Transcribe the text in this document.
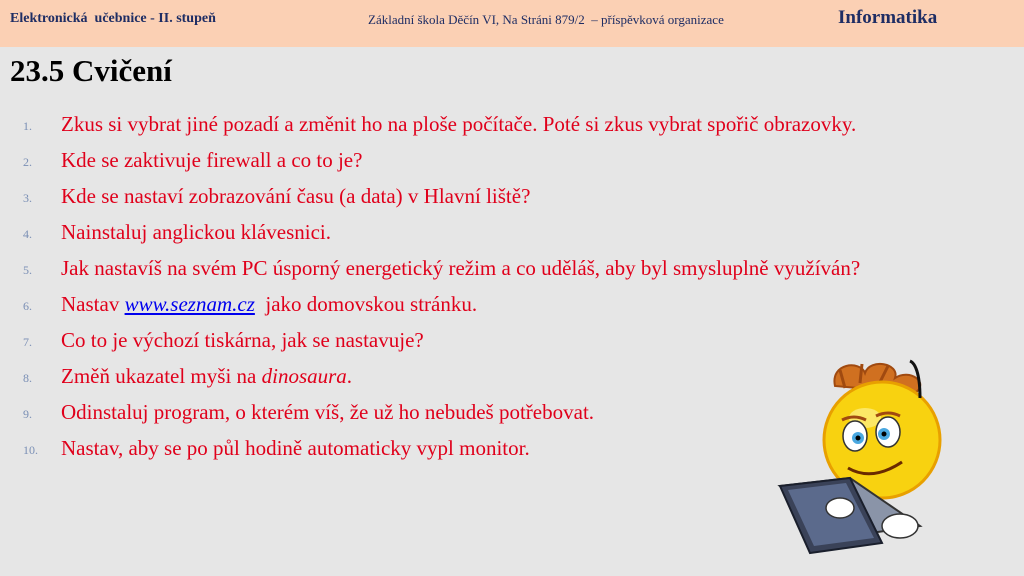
Elektronická  učebnice - II. stupeň	Základní škola Děčín VI, Na Stráni 879/2  – příspěvková organizace	Informatika
23.5 Cvičení
1. Zkus si vybrat jiné pozadí a změnit ho na ploše počítače. Poté si zkus vybrat spořič obrazovky.
2. Kde se zaktivuje firewall a co to je?
3. Kde se nastaví zobrazování času (a data) v Hlavní liště?
4. Nainstaluj anglickou klávesnici.
5. Jak nastavíš na svém PC úsporný energetický režim a co uděláš, aby byl smysluplně využíván?
6. Nastav www.seznam.cz  jako domovskou stránku.
7. Co to je výchozí tiskárna, jak se nastavuje?
8. Změň ukazatel myši na dinosaura.
9. Odinstaluj program, o kterém víš, že už ho nebudeš potřebovat.
10. Nastav, aby se po půl hodině automaticky vypl monitor.
